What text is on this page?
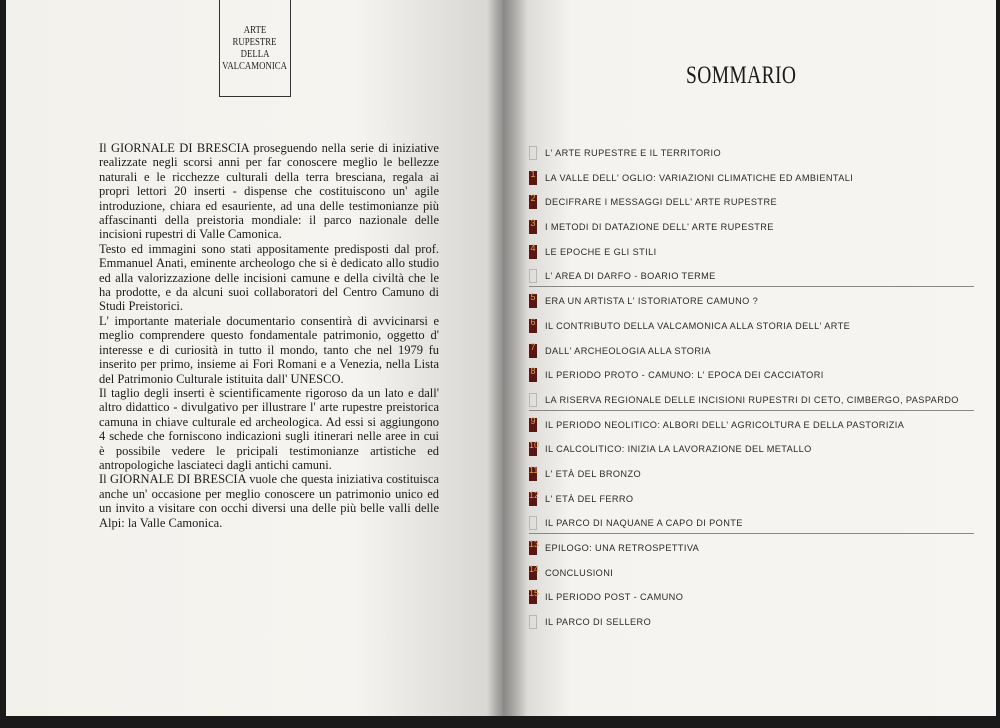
ARTE
RUPESTRE
DELLA
VALCAMONICA

Il GIORNALE DI BRESCIA proseguendo nella serie di iniziative realizzate negli scorsi anni per far conoscere meglio le bellezze naturali e le ricchezze culturali della terra bresciana, regala ai propri lettori 20 inserti - dispense che costituiscono un' agile introduzione, chiara ed esauriente, ad una delle testimonianze più affascinanti della preistoria mondiale: il parco nazionale delle incisioni rupestri di Valle Camonica.

Testo ed immagini sono stati appositamente predisposti dal prof. Emmanuel Anati, eminente archeologo che si è dedicato allo studio ed alla valorizzazione delle incisioni camune e della civiltà che le ha prodotte, e da alcuni suoi collaboratori del Centro Camuno di Studi Preistorici.

L' importante materiale documentario consentirà di avvicinarsi e meglio comprendere questo fondamentale patrimonio, oggetto d' interesse e di curiosità in tutto il mondo, tanto che nel 1979 fu inserito per primo, insieme ai Fori Romani e a Venezia, nella Lista del Patrimonio Culturale istituita dall' UNESCO.

Il taglio degli inserti è scientificamente rigoroso da un lato e dall' altro didattico - divulgativo per illustrare l' arte rupestre preistorica camuna in chiave culturale ed archeologica. Ad essi si aggiungono 4 schede che forniscono indicazioni sugli itinerari nelle aree in cui è possibile vedere le pricipali testimonianze artistiche ed antropologiche lasciateci dagli antichi camuni.

Il GIORNALE DI BRESCIA vuole che questa iniziativa costituisca anche un' occasione per meglio conoscere un patrimonio unico ed un invito a visitare con occhi diversi una delle più belle valli delle Alpi: la Valle Camonica.

SOMMARIO
L' ARTE RUPESTRE E IL TERRITORIO
1 LA VALLE DELL' OGLIO: VARIAZIONI CLIMATICHE ED AMBIENTALI
2 DECIFRARE I MESSAGGI DELL' ARTE RUPESTRE
3 I METODI DI DATAZIONE DELL' ARTE RUPESTRE
4 LE EPOCHE E GLI STILI
L' AREA DI DARFO - BOARIO TERME
5 ERA UN ARTISTA L' ISTORIATORE CAMUNO ?
6 IL CONTRIBUTO DELLA VALCAMONICA ALLA STORIA DELL' ARTE
7 DALL' ARCHEOLOGIA ALLA STORIA
8 IL PERIODO PROTO - CAMUNO: L' EPOCA DEI CACCIATORI
LA RISERVA REGIONALE DELLE INCISIONI RUPESTRI DI CETO, CIMBERGO, PASPARDO
9 IL PERIODO NEOLITICO: ALBORI DELL' AGRICOLTURA E DELLA PASTORIZIA
10 IL CALCOLITICO: INIZIA LA LAVORAZIONE DEL METALLO
11 L' ETÀ DEL BRONZO
12 L' ETÀ DEL FERRO
IL PARCO DI NAQUANE A CAPO DI PONTE
13 EPILOGO: UNA RETROSPETTIVA
14 CONCLUSIONI
15 IL PERIODO POST - CAMUNO
IL PARCO DI SELLERO
